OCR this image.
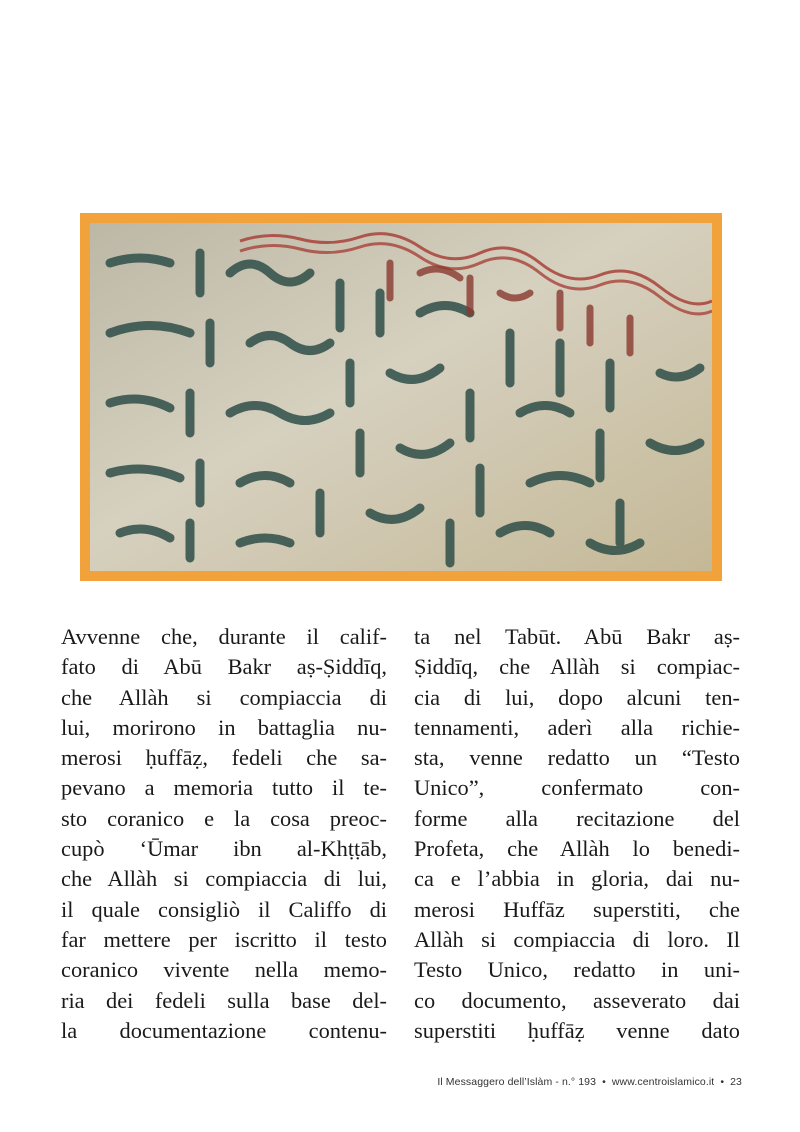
Avvenne che, durante il calif-
fato di Abū Bakr aṣ-Ṣiddīq,
che Allàh si compiaccia di
lui, morirono in battaglia nu-
merosi ḥuffāẓ, fedeli che sa-
pevano a memoria tutto il te-
sto coranico e la cosa preoc-
cupò ‘Ūmar ibn al-Khṭṭāb,
che Allàh si compiaccia di lui,
il quale consigliò il Califfo di
far mettere per iscritto il testo
coranico vivente nella memo-
ria dei fedeli sulla base del-
la documentazione contenu-
ta nel Tabūt. Abū Bakr aṣ-
Ṣiddīq, che Allàh si compiac-
cia di lui, dopo alcuni ten-
tennamenti, aderì alla richie-
sta, venne redatto un “Testo
Unico”, confermato con-
forme alla recitazione del
Profeta, che Allàh lo benedi-
ca e l’abbia in gloria, dai nu-
merosi Huffāz superstiti, che
Allàh si compiaccia di loro. Il
Testo Unico, redatto in uni-
co documento, asseverato dai
superstiti ḥuffāẓ venne dato
Il Messaggero dell’Islàm - n.° 193 • www.centroislamico.it • 23
